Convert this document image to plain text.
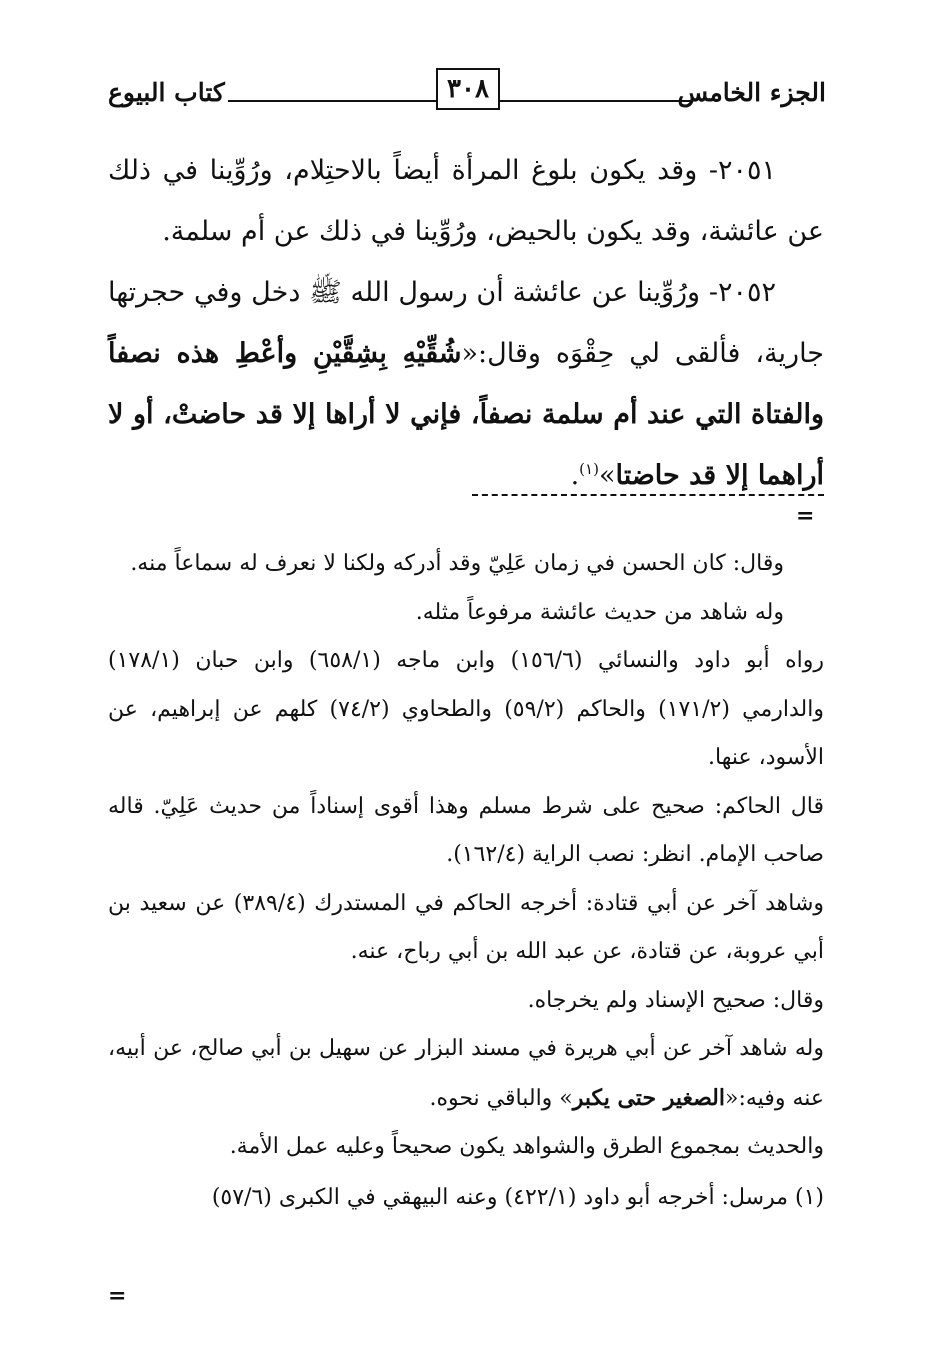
الجزء الخامس
٣٠٨
كتاب البيوع

٢٠٥١- وقد يكون بلوغ المرأة أيضاً بالاحتِلام، ورُوِّينا في ذلك عن عائشة، وقد يكون بالحيض، ورُوِّينا في ذلك عن أم سلمة.

٢٠٥٢- ورُوِّينا عن عائشة أن رسول الله ﷺ دخل وفي حجرتها جارية، فألقى لي حِقْوَه وقال:«شُقِّيْهِ بِشِقَّيْنِ وأعْطِ هذه نصفاً والفتاة التي عند أم سلمة نصفاً، فإني لا أراها إلا قد حاضتْ، أو لا أراهما إلا قد حاضتا»$^{(١)}$.

=

وقال: كان الحسن في زمان عَلِيّ وقد أدركه ولكنا لا نعرف له سماعاً منه.

وله شاهد من حديث عائشة مرفوعاً مثله.

رواه أبو داود والنسائي (١٥٦/٦) وابن ماجه (٦٥٨/١) وابن حبان (١٧٨/١) والدارمي (١٧١/٢) والحاكم (٥٩/٢) والطحاوي (٧٤/٢) كلهم عن إبراهيم، عن الأسود، عنها.

قال الحاكم: صحيح على شرط مسلم وهذا أقوى إسناداً من حديث عَلِيّ. قاله صاحب الإمام. انظر: نصب الراية (١٦٢/٤).

وشاهد آخر عن أبي قتادة: أخرجه الحاكم في المستدرك (٣٨٩/٤) عن سعيد بن أبي عروبة، عن قتادة، عن عبد الله بن أبي رباح، عنه.

وقال: صحيح الإسناد ولم يخرجاه.

وله شاهد آخر عن أبي هريرة في مسند البزار عن سهيل بن أبي صالح، عن أبيه، عنه وفيه:«الصغير حتى يكبر» والباقي نحوه.

والحديث بمجموع الطرق والشواهد يكون صحيحاً وعليه عمل الأمة.

(١) مرسل: أخرجه أبو داود (٤٢٢/١) وعنه البيهقي في الكبرى (٥٧/٦)

=
